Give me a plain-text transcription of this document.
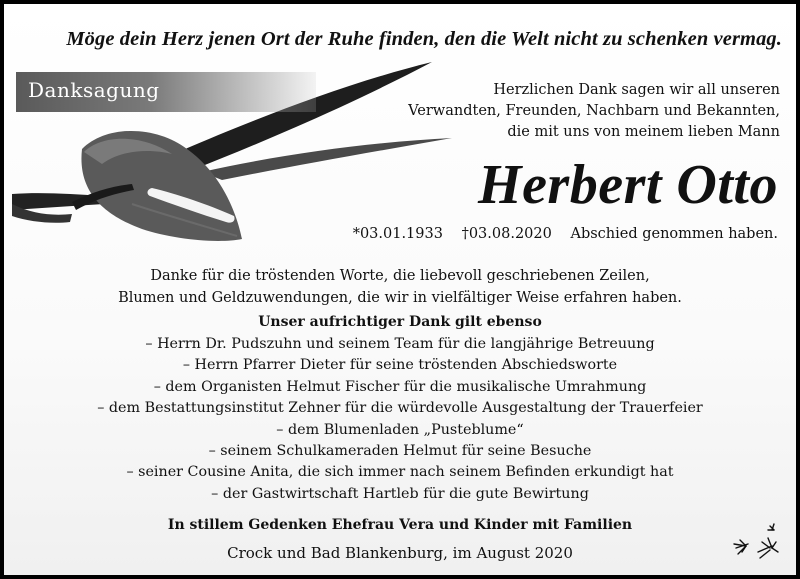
Möge dein Herz jenen Ort der Ruhe finden, den die Welt nicht zu schenken vermag.
Danksagung	Herzlichen Dank sagen wir all unseren
Verwandten, Freunden, Nachbarn und Bekannten,
die mit uns von meinem lieben Mann
Herbert Otto
*03.01.1933 †03.08.2020 Abschied genommen haben.
Danke für die tröstenden Worte, die liebevoll geschriebenen Zeilen,
Blumen und Geldzuwendungen, die wir in vielfältiger Weise erfahren haben.
Unser aufrichtiger Dank gilt ebenso
– Herrn Dr. Pudszuhn und seinem Team für die langjährige Betreuung
– Herrn Pfarrer Dieter für seine tröstenden Abschiedsworte
– dem Organisten Helmut Fischer für die musikalische Umrahmung
– dem Bestattungsinstitut Zehner für die würdevolle Ausgestaltung der Trauerfeier
– dem Blumenladen „Pusteblume“
– seinem Schulkameraden Helmut für seine Besuche
– seiner Cousine Anita, die sich immer nach seinem Befinden erkundigt hat
– der Gastwirtschaft Hartleb für die gute Bewirtung
In stillem Gedenken Ehefrau Vera und Kinder mit Familien
Crock und Bad Blankenburg, im August 2020
